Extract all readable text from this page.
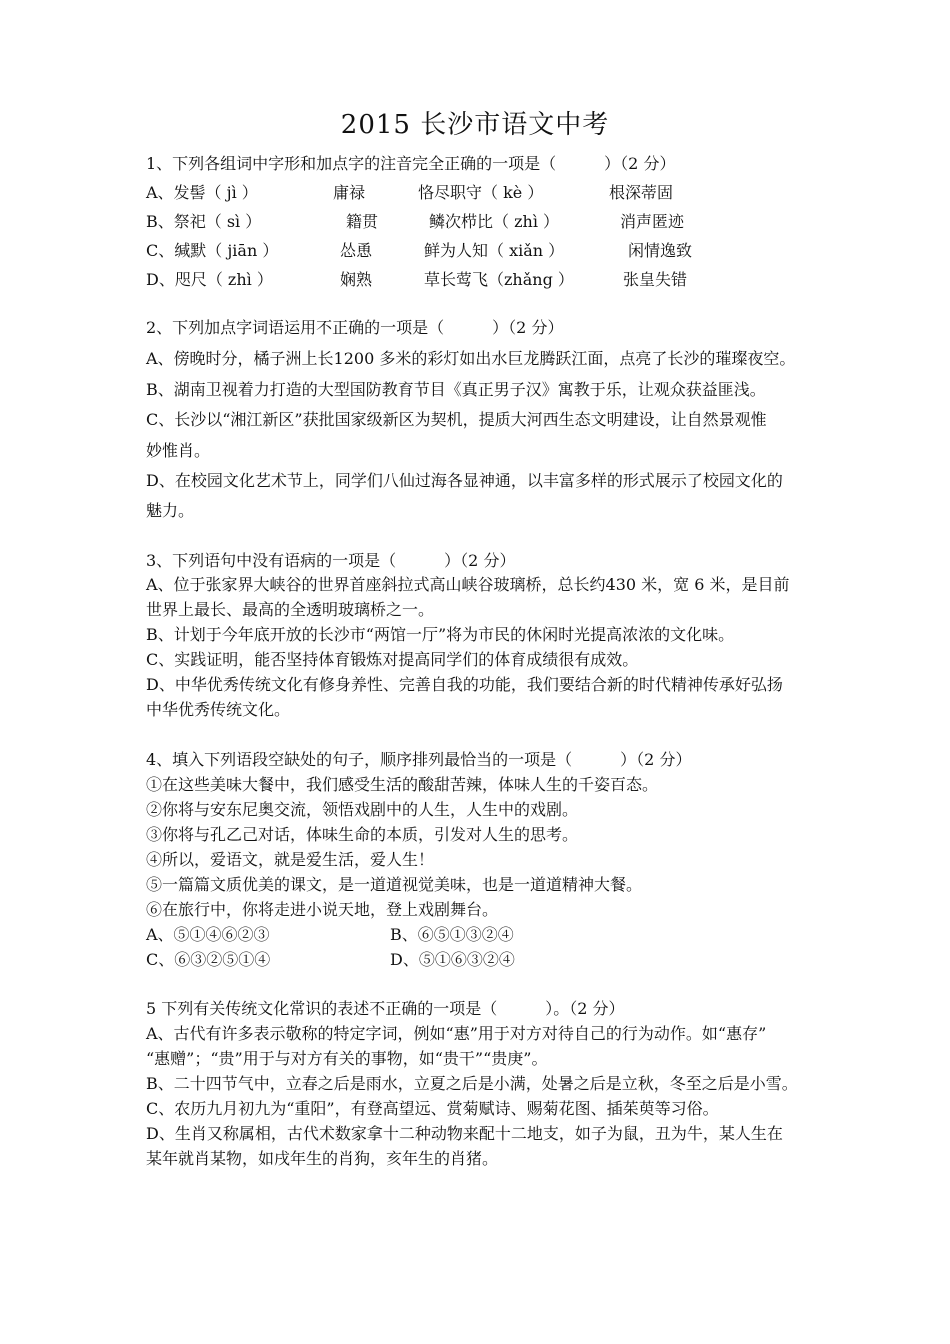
2015 长沙市语文中考
1、下列各组词中字形和加点字的注音完全正确的一项是（　　　）（2 分）
A、发髻（ jì ）	庸禄	恪尽职守（ kè ）	根深蒂固
B、祭祀（ sì ）	籍贯	鳞次栉比（ zhì ）	消声匿迹
C、缄默（ jiān ）	怂恿	鲜为人知（ xiǎn ）	闲情逸致
D、咫尺（ zhì ）	娴熟	草长莺飞（zhǎng ）	张皇失错
2、下列加点字词语运用不正确的一项是（　　　）（2 分）
A、傍晚时分，橘子洲上长1200 多米的彩灯如出水巨龙腾跃江面，点亮了长沙的璀璨夜空。
B、湖南卫视着力打造的大型国防教育节目《真正男子汉》寓教于乐，让观众获益匪浅。
C、长沙以“湘江新区”获批国家级新区为契机，提质大河西生态文明建设，让自然景观惟
妙惟肖。
D、在校园文化艺术节上，同学们八仙过海各显神通，以丰富多样的形式展示了校园文化的
魅力。
3、下列语句中没有语病的一项是（　　　）（2 分）
A、位于张家界大峡谷的世界首座斜拉式高山峡谷玻璃桥，总长约430 米，宽 6 米，是目前
世界上最长、最高的全透明玻璃桥之一。
B、计划于今年底开放的长沙市“两馆一厅”将为市民的休闲时光提高浓浓的文化味。
C、实践证明，能否坚持体育锻炼对提高同学们的体育成绩很有成效。
D、中华优秀传统文化有修身养性、完善自我的功能，我们要结合新的时代精神传承好弘扬
中华优秀传统文化。
4、填入下列语段空缺处的句子，顺序排列最恰当的一项是（　　　）（2 分）
①在这些美味大餐中，我们感受生活的酸甜苦辣，体味人生的千姿百态。
②你将与安东尼奥交流，领悟戏剧中的人生，人生中的戏剧。
③你将与孔乙己对话，体味生命的本质，引发对人生的思考。
④所以，爱语文，就是爱生活，爱人生！
⑤一篇篇文质优美的课文，是一道道视觉美味，也是一道道精神大餐。
⑥在旅行中，你将走进小说天地，登上戏剧舞台。
A、⑤①④⑥②③	B、⑥⑤①③②④
C、⑥③②⑤①④	D、⑤①⑥③②④
5 下列有关传统文化常识的表述不正确的一项是（　　　）。（2 分）
A、古代有许多表示敬称的特定字词，例如“惠”用于对方对待自己的行为动作。如“惠存”
“惠赠”；“贵”用于与对方有关的事物，如“贵干”“贵庚”。
B、二十四节气中，立春之后是雨水，立夏之后是小满，处暑之后是立秋，冬至之后是小雪。
C、农历九月初九为“重阳”，有登高望远、赏菊赋诗、赐菊花图、插茱萸等习俗。
D、生肖又称属相，古代术数家拿十二种动物来配十二地支，如子为鼠，丑为牛，某人生在
某年就肖某物，如戌年生的肖狗，亥年生的肖猪。
